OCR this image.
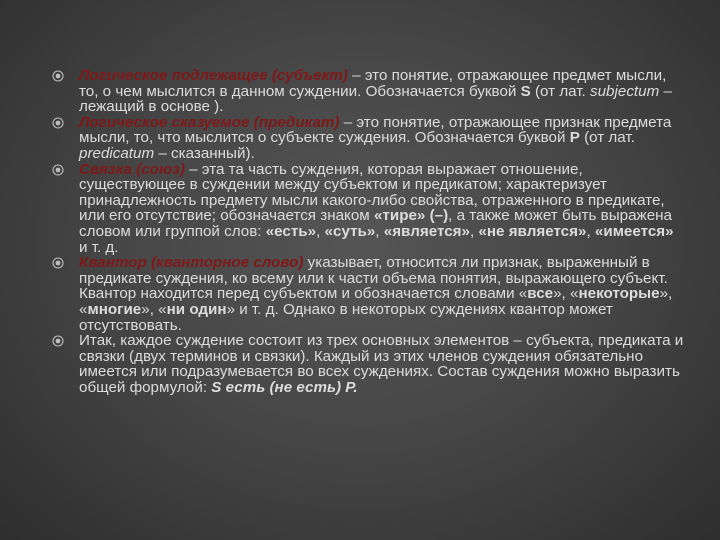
Логическое подлежащее (субъект) – это понятие, отражающее предмет мысли, то, о чем мыслится в данном суждении. Обозначается буквой S (от лат. subjectum – лежащий в основе ).
Логическое сказуемое (предикат) – это понятие, отражающее признак предмета мысли, то, что мыслится о субъекте суждения. Обозначается буквой P (от лат. predicatum – сказанный).
Связка (союз) – эта та часть суждения, которая выражает отношение, существующее в суждении между субъектом и предикатом; характеризует принадлежность предмету мысли какого-либо свойства, отраженного в предикате, или его отсутствие; обозначается знаком «тире» (–), а также может быть выражена словом или группой слов: «есть», «суть», «является», «не является», «имеется» и т. д.
Квантор (кванторное слово) указывает, относится ли признак, выраженный в предикате суждения, ко всему или к части объема понятия, выражающего субъект. Квантор находится перед субъектом и обозначается словами «все», «некоторые», «многие», «ни один» и т. д. Однако в некоторых суждениях квантор может отсутствовать.
Итак, каждое суждение состоит из трех основных элементов – субъекта, предиката и связки (двух терминов и связки). Каждый из этих членов суждения обязательно имеется или подразумевается во всех суждениях. Состав суждения можно выразить общей формулой: S есть (не есть) P.
